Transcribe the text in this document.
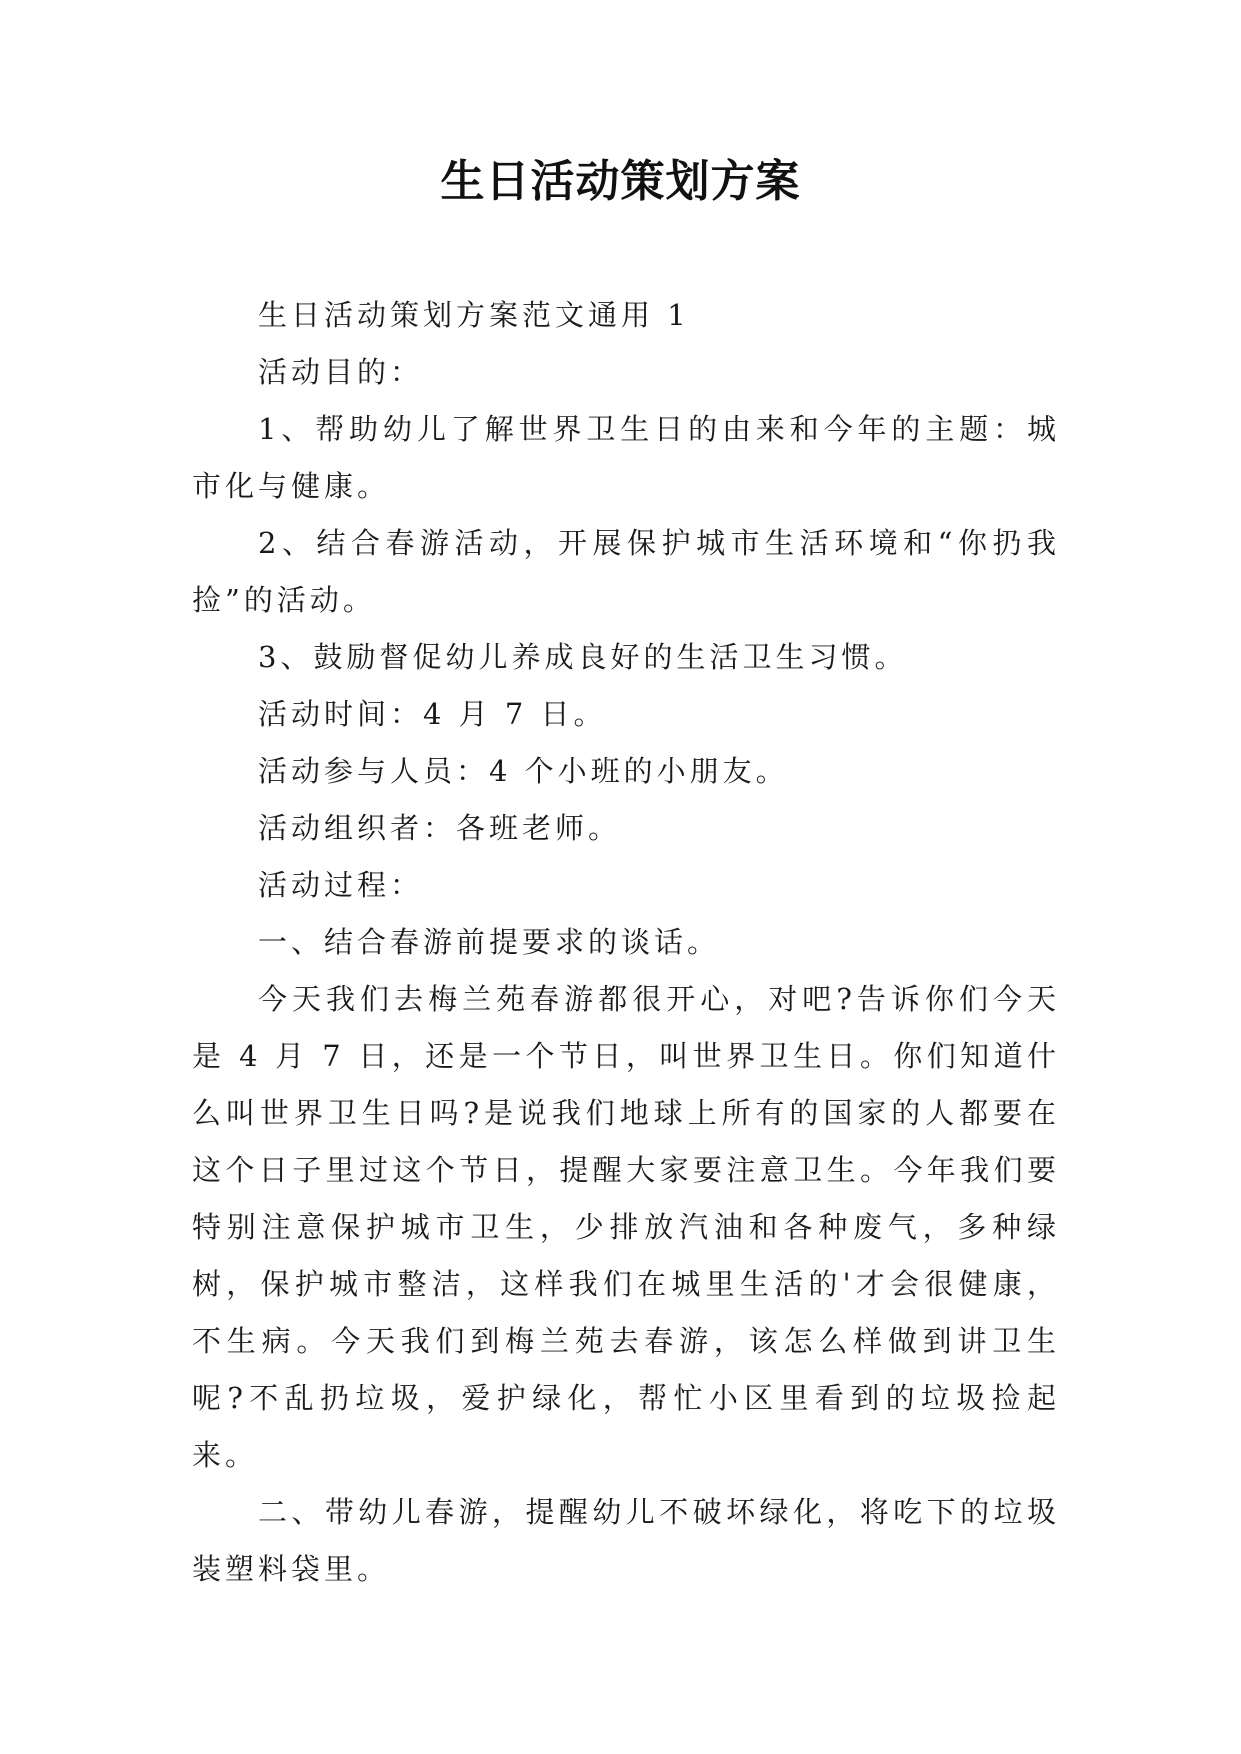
生日活动策划方案

生日活动策划方案范文通用 1

活动目的：

1、帮助幼儿了解世界卫生日的由来和今年的主题：城市化与健康。

2、结合春游活动，开展保护城市生活环境和“你扔我捡”的活动。

3、鼓励督促幼儿养成良好的生活卫生习惯。

活动时间：4 月 7 日。

活动参与人员：4 个小班的小朋友。

活动组织者：各班老师。

活动过程：

一、结合春游前提要求的谈话。

今天我们去梅兰苑春游都很开心，对吧?告诉你们今天是 4 月 7 日，还是一个节日，叫世界卫生日。你们知道什么叫世界卫生日吗?是说我们地球上所有的国家的人都要在这个日子里过这个节日，提醒大家要注意卫生。今年我们要特别注意保护城市卫生，少排放汽油和各种废气，多种绿树，保护城市整洁，这样我们在城里生活的'才会很健康，不生病。今天我们到梅兰苑去春游，该怎么样做到讲卫生呢?不乱扔垃圾，爱护绿化，帮忙小区里看到的垃圾捡起来。

二、带幼儿春游，提醒幼儿不破坏绿化，将吃下的垃圾装塑料袋里。
